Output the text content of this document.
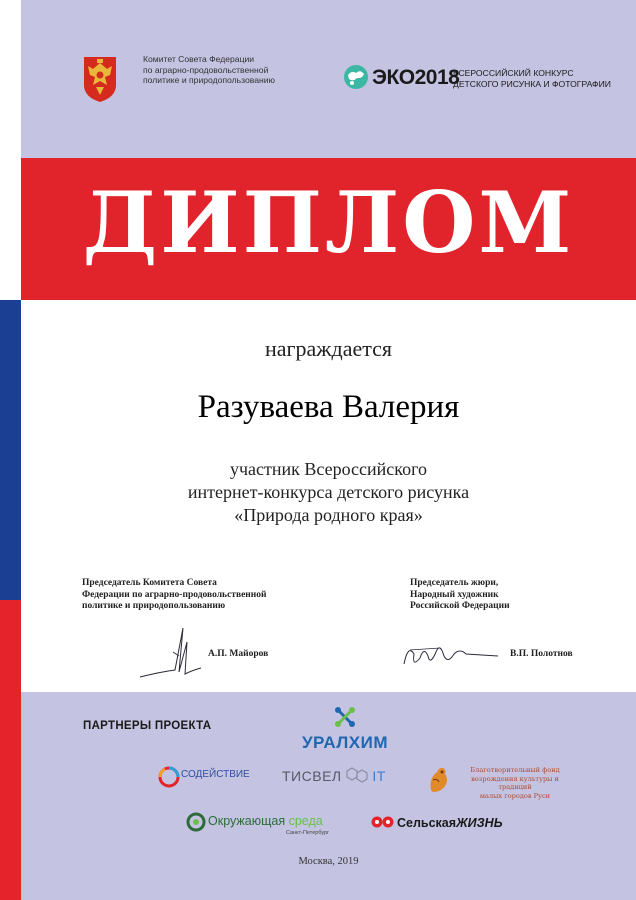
Комитет Совета Федерации
по аграрно-продовольственной
политике и природопользованию	ЭКО2018
ВСЕРОССИЙСКИЙ КОНКУРС
ДЕТСКОГО РИСУНКА И ФОТОГРАФИИ
ДИПЛОМ
награждается
Разуваева Валерия
участник Всероссийского
интернет-конкурса детского рисунка
«Природа родного края»
Председатель Комитета Совета
Федерации по аграрно-продовольственной
политике и природопользованию
Председатель жюри,
Народный художник
Российской Федерации
А.П. Майоров	В.П. Полотнов
ПАРТНЕРЫ ПРОЕКТА
УРАЛХИМ
СОДЕЙСТВИЕ ТИСВЕЛ IT	Благотворительный фонд
возрождения культуры и традиций
малых городов Руси
Окружающая среда
Санкт-Петербург
СельскаяЖИЗНЬ
Москва, 2019
